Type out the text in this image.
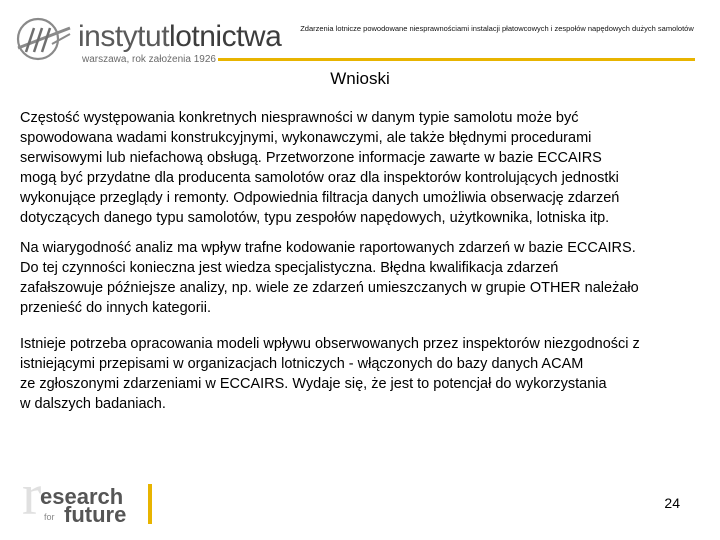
instytutlotnictwa
warszawa, rok założenia 1926
Zdarzenia lotnicze powodowane niesprawnościami instalacji płatowcowych i zespołów napędowych dużych samolotów
Wnioski
Częstość występowania konkretnych niesprawności w danym typie samolotu może być
spowodowana wadami konstrukcyjnymi, wykonawczymi, ale także błędnymi procedurami
serwisowymi lub niefachową obsługą. Przetworzone informacje zawarte w bazie ECCAIRS
mogą być przydatne dla producenta samolotów oraz dla inspektorów kontrolujących jednostki
wykonujące przeglądy i remonty. Odpowiednia filtracja danych umożliwia obserwację zdarzeń
dotyczących danego typu samolotów, typu zespołów napędowych, użytkownika, lotniska itp.
Na wiarygodność analiz ma wpływ trafne kodowanie raportowanych zdarzeń w bazie ECCAIRS.
Do tej czynności konieczna jest wiedza specjalistyczna. Błędna kwalifikacja zdarzeń
zafałszowuje późniejsze analizy, np. wiele ze zdarzeń umieszczanych w grupie OTHER należało
przenieść do innych kategorii.
Istnieje potrzeba opracowania modeli wpływu obserwowanych przez inspektorów niezgodności z
istniejącymi przepisami w organizacjach lotniczych - włączonych do bazy danych ACAM
ze zgłoszonymi zdarzeniami w ECCAIRS. Wydaje się, że jest to potencjał do wykorzystania
w dalszych badaniach.
r
esearch
future
for
24
